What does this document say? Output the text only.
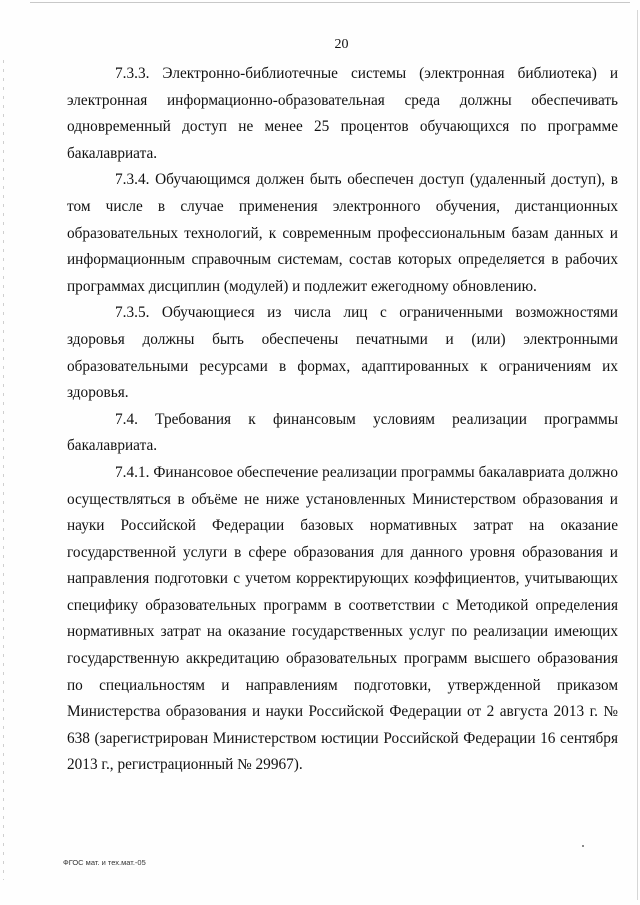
20

7.3.3. Электронно-библиотечные системы (электронная библиотека) и электронная информационно-образовательная среда должны обеспечивать одновременный доступ не менее 25 процентов обучающихся по программе бакалавриата.

7.3.4. Обучающимся должен быть обеспечен доступ (удаленный доступ), в том числе в случае применения электронного обучения, дистанционных образовательных технологий, к современным профессиональным базам данных и информационным справочным системам, состав которых определяется в рабочих программах дисциплин (модулей) и подлежит ежегодному обновлению.

7.3.5. Обучающиеся из числа лиц с ограниченными возможностями здоровья должны быть обеспечены печатными и (или) электронными образовательными ресурсами в формах, адаптированных к ограничениям их здоровья.

7.4. Требования к финансовым условиям реализации программы бакалавриата.

7.4.1. Финансовое обеспечение реализации программы бакалавриата должно осуществляться в объёме не ниже установленных Министерством образования и науки Российской Федерации базовых нормативных затрат на оказание государственной услуги в сфере образования для данного уровня образования и направления подготовки с учетом корректирующих коэффициентов, учитывающих специфику образовательных программ в соответствии с Методикой определения нормативных затрат на оказание государственных услуг по реализации имеющих государственную аккредитацию образовательных программ высшего образования по специальностям и направлениям подготовки, утвержденной приказом Министерства образования и науки Российской Федерации от 2 августа 2013 г. № 638 (зарегистрирован Министерством юстиции Российской Федерации 16 сентября 2013 г., регистрационный № 29967).

ФГОС мат. и тех.мат.-05
